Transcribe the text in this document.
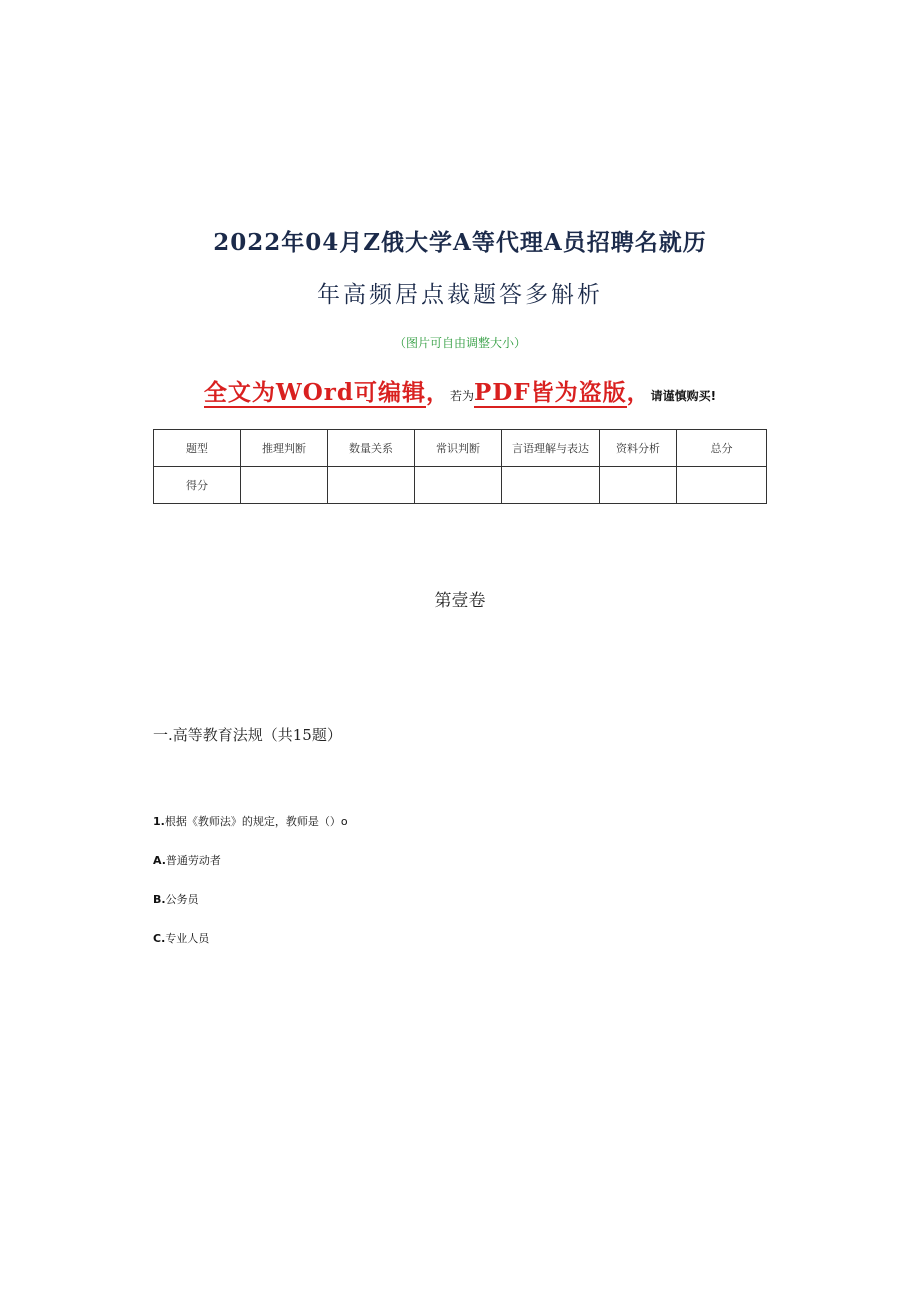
2022年04月Z俄大学A等代理A员招聘名就历
年高频居点裁题答多斛析
（图片可自由调整大小）
全文为WOrd可编辑，若为PDF皆为盗版，请谨慎购买!
题型	推理判断	数量关系	常识判断	言语理解与表达	资料分析	总分
得分						
第壹卷
一.高等教育法规（共15题）
1.根据《教师法》的规定，教师是（）o
A.普通劳动者
B.公务员
C.专业人员
